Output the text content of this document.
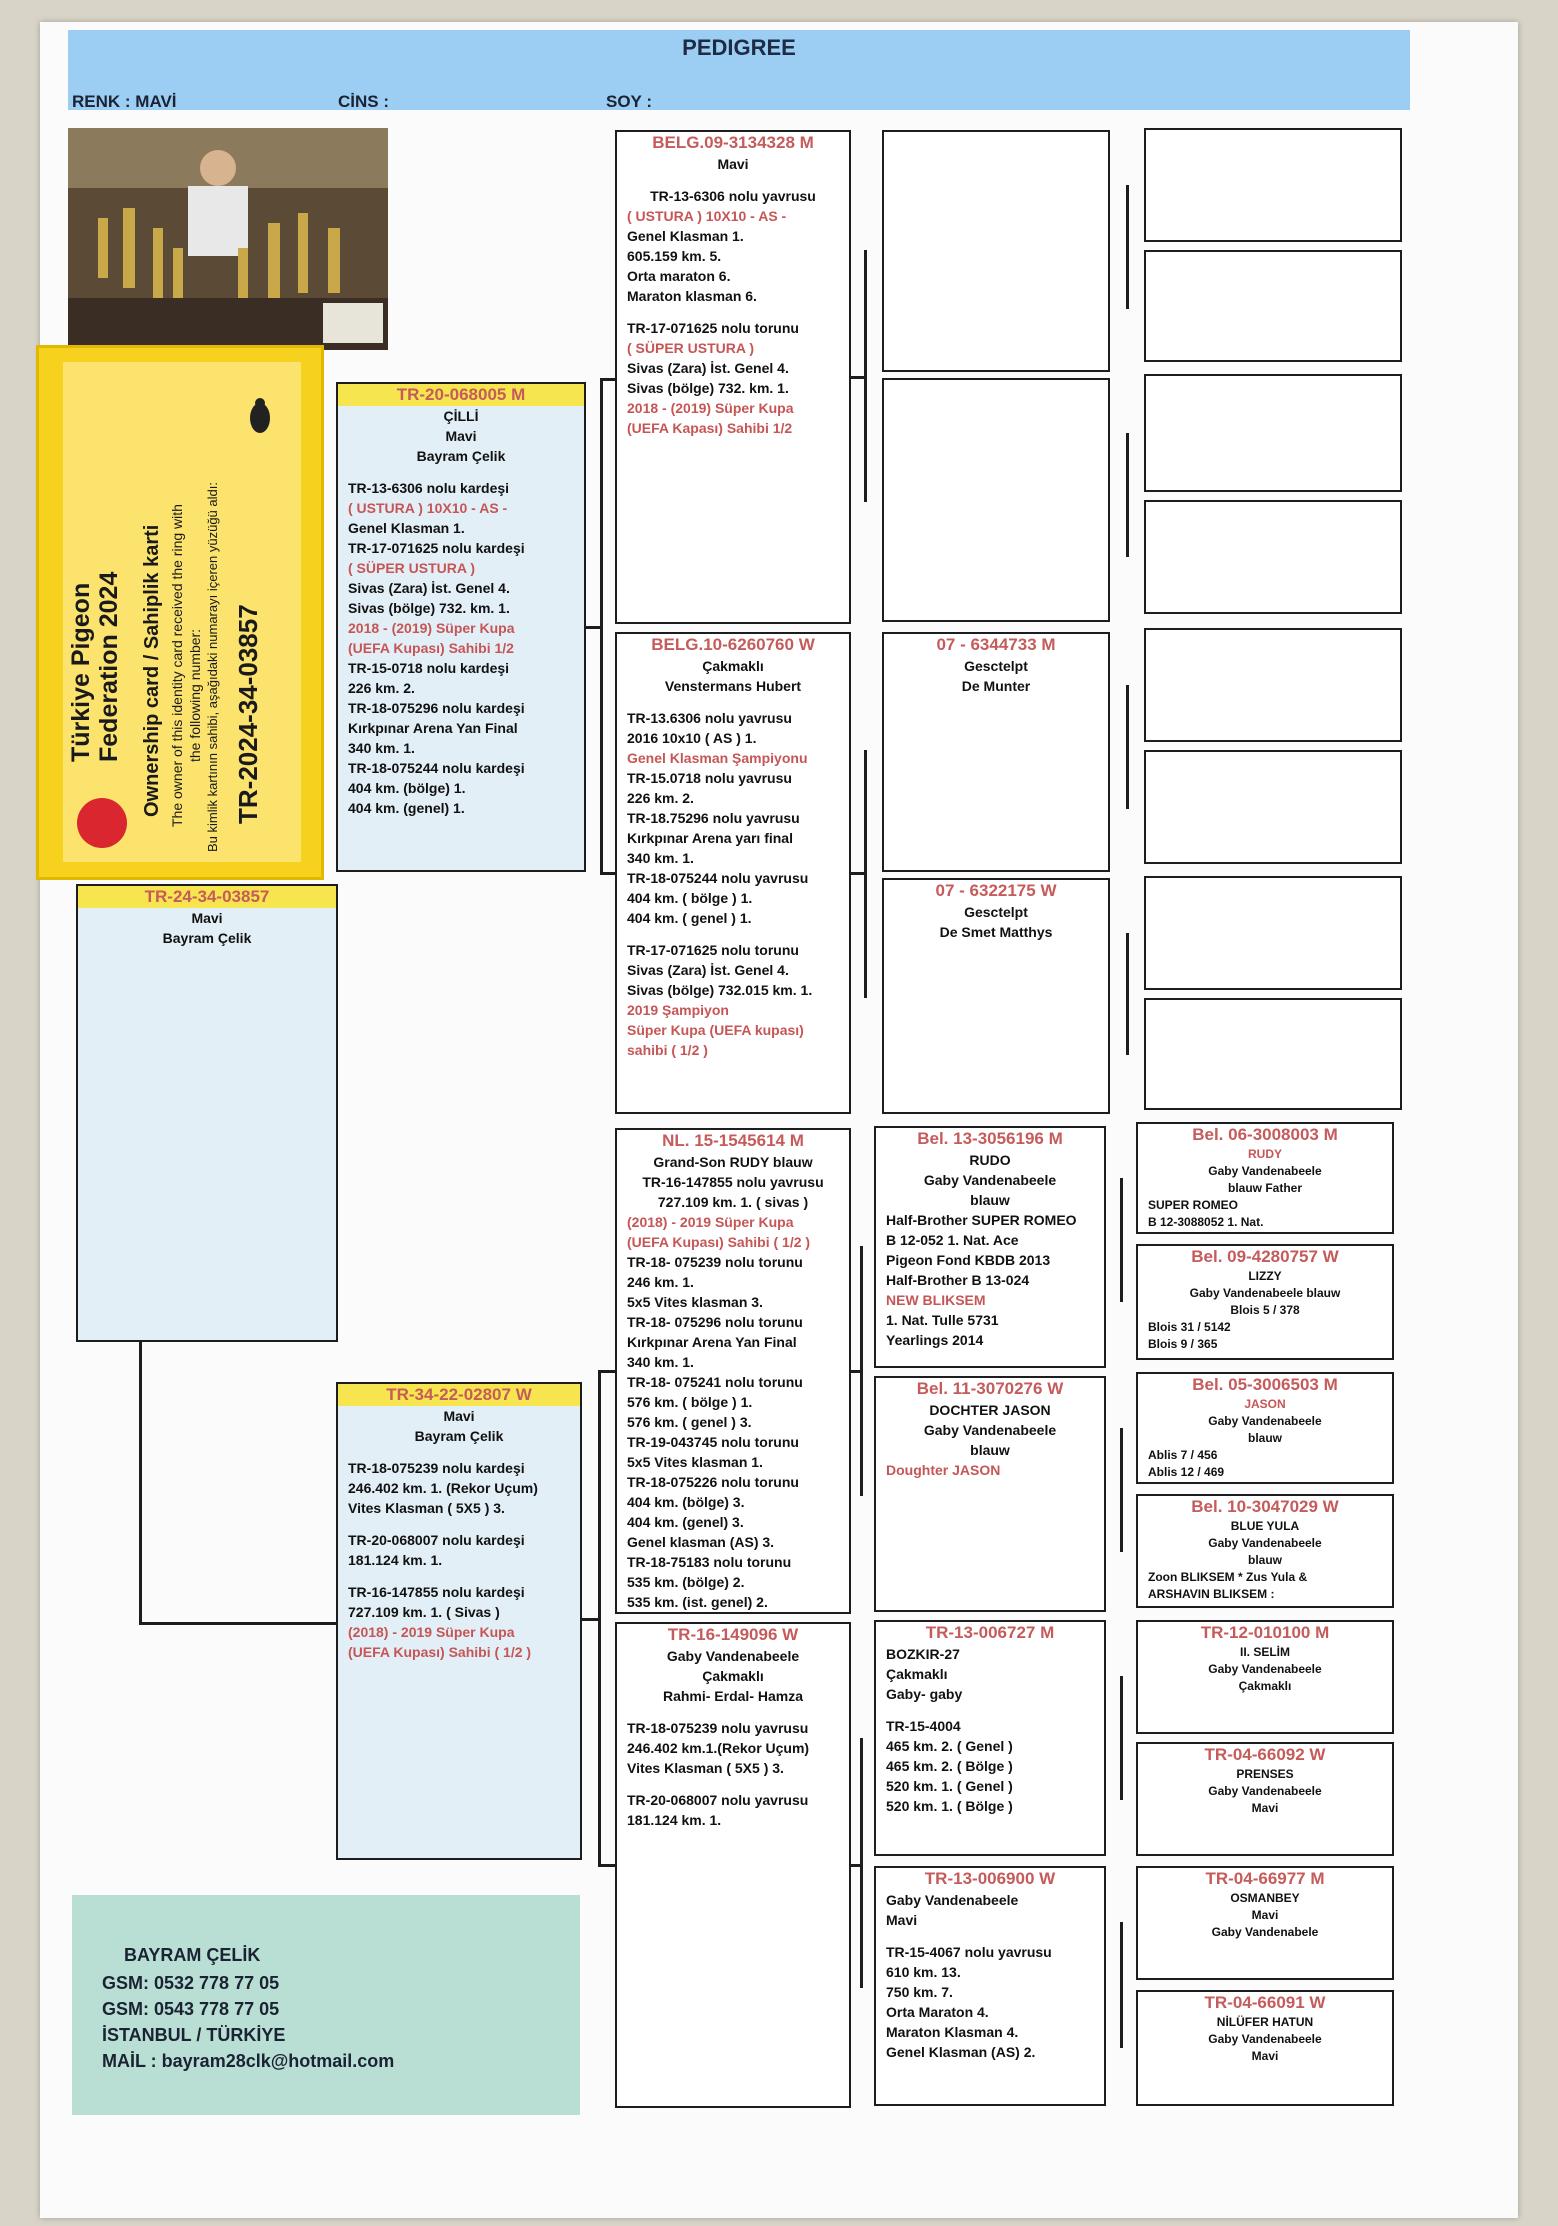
PEDIGREE
RENK : MAVİ	CİNS :	SOY :
Türkiye Pigeon Federation 2024 Ownership card / Sahiplik karti The owner of this identity card received the ring with the following number: Bu kimlik kartının sahibi, aşağıdaki numarayı içeren yüzüğü aldı: TR-2024-34-03857
TR-24-34-03857
Mavi
Bayram Çelik
TR-20-068005 M
ÇİLLİ
Mavi
Bayram Çelik
TR-13-6306 nolu kardeşi
( USTURA ) 10X10 - AS -
Genel Klasman 1.
TR-17-071625 nolu kardeşi
( SÜPER USTURA )
Sivas (Zara) İst. Genel 4.
Sivas (bölge) 732. km. 1.
2018 - (2019) Süper Kupa
(UEFA Kupası) Sahibi 1/2
TR-15-0718 nolu kardeşi
226 km. 2.
TR-18-075296 nolu kardeşi
Kırkpınar Arena Yan Final
340 km. 1.
TR-18-075244 nolu kardeşi
404 km. (bölge) 1.
404 km. (genel) 1.
TR-34-22-02807 W
Mavi
Bayram Çelik
TR-18-075239 nolu kardeşi
246.402 km. 1. (Rekor Uçum)
Vites Klasman ( 5X5 ) 3.
TR-20-068007 nolu kardeşi
181.124 km. 1.
TR-16-147855 nolu kardeşi
727.109 km. 1. ( Sivas )
(2018) - 2019 Süper Kupa
(UEFA Kupası) Sahibi ( 1/2 )
BELG.09-3134328 M
Mavi
TR-13-6306 nolu yavrusu
( USTURA ) 10X10 - AS -
Genel Klasman 1.
605.159 km. 5.
Orta maraton 6.
Maraton klasman 6.
TR-17-071625 nolu torunu
( SÜPER USTURA )
Sivas (Zara) İst. Genel 4.
Sivas (bölge) 732. km. 1.
2018 - (2019) Süper Kupa
(UEFA Kapası) Sahibi 1/2
BELG.10-6260760 W
Çakmaklı
Venstermans Hubert
TR-13.6306 nolu yavrusu
2016 10x10 ( AS ) 1.
Genel Klasman Şampiyonu
TR-15.0718 nolu yavrusu
226 km. 2.
TR-18.75296 nolu yavrusu
Kırkpınar Arena yarı final
340 km. 1.
TR-18-075244 nolu yavrusu
404 km. ( bölge ) 1.
404 km. ( genel ) 1.
TR-17-071625 nolu torunu
Sivas (Zara) İst. Genel 4.
Sivas (bölge) 732.015 km. 1.
2019 Şampiyon
Süper Kupa (UEFA kupası)
sahibi ( 1/2 )
NL. 15-1545614 M
Grand-Son RUDY blauw
TR-16-147855 nolu yavrusu
727.109 km. 1. ( sivas )
(2018) - 2019 Süper Kupa
(UEFA Kupası) Sahibi ( 1/2 )
TR-18- 075239 nolu torunu
246 km. 1.
5x5 Vites klasman 3.
TR-18- 075296 nolu torunu
Kırkpınar Arena Yan Final
340 km. 1.
TR-18- 075241 nolu torunu
576 km. ( bölge ) 1.
576 km. ( genel ) 3.
TR-19-043745 nolu torunu
5x5 Vites klasman 1.
TR-18-075226 nolu torunu
404 km. (bölge) 3.
404 km. (genel) 3.
Genel klasman (AS) 3.
TR-18-75183 nolu torunu
535 km. (bölge) 2.
535 km. (ist. genel) 2.
TR-16-149096 W
Gaby Vandenabeele
Çakmaklı
Rahmi- Erdal- Hamza
TR-18-075239 nolu yavrusu
246.402 km.1.(Rekor Uçum)
Vites Klasman ( 5X5 ) 3.
TR-20-068007 nolu yavrusu
181.124 km. 1.
07 - 6344733 M
Gesctelpt
De Munter
07 - 6322175 W
Gesctelpt
De Smet Matthys
Bel. 13-3056196 M
RUDO
Gaby Vandenabeele
blauw
Half-Brother SUPER ROMEO
B 12-052 1. Nat. Ace
Pigeon Fond KBDB 2013
Half-Brother B 13-024
NEW BLIKSEM
1. Nat. Tulle 5731
Yearlings 2014
Bel. 11-3070276 W
DOCHTER JASON
Gaby Vandenabeele
blauw
Doughter JASON
TR-13-006727 M
BOZKIR-27
Çakmaklı
Gaby- gaby
TR-15-4004
465 km. 2. ( Genel )
465 km. 2. ( Bölge )
520 km. 1. ( Genel )
520 km. 1. ( Bölge )
TR-13-006900 W
Gaby Vandenabeele
Mavi
TR-15-4067 nolu yavrusu
610 km. 13.
750 km. 7.
Orta Maraton 4.
Maraton Klasman 4.
Genel Klasman (AS) 2.
Bel. 06-3008003 M
RUDY
Gaby Vandenabeele
blauw Father
SUPER ROMEO
B 12-3088052 1. Nat.
Bel. 09-4280757 W
LIZZY
Gaby Vandenabeele blauw
Blois 5 / 378
Blois 31 / 5142
Blois 9 / 365
Bel. 05-3006503 M
JASON
Gaby Vandenabeele
blauw
Ablis 7 / 456
Ablis 12 / 469
Bel. 10-3047029 W
BLUE YULA
Gaby Vandenabeele
blauw
Zoon BLIKSEM * Zus Yula &
ARSHAVIN BLIKSEM :
TR-12-010100 M
II. SELİM
Gaby Vandenabeele
Çakmaklı
TR-04-66092 W
PRENSES
Gaby Vandenabeele
Mavi
TR-04-66977 M
OSMANBEY
Mavi
Gaby Vandenabele
TR-04-66091 W
NİLÜFER HATUN
Gaby Vandenabeele
Mavi
BAYRAM ÇELİK
GSM: 0532 778 77 05
GSM: 0543 778 77 05
İSTANBUL / TÜRKİYE
MAİL : bayram28clk@hotmail.com
